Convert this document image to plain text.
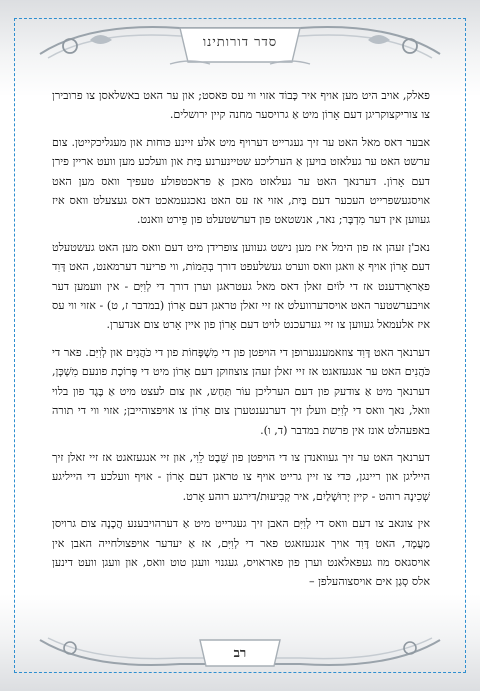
סדר דורותינו

פאלק, אויב היט מען אויף איר כָּבוֹד אזוי ווי עס פאסט; און ער האט באשלאסן צו פרובירן צו צוריקצוקריגן דעם אָרוֹן מיט אַ גרויסער מחנה קיין ירושלים.

אבער דאס מאל האט ער זיך געגרייט דערויף מיט אלע זיינע כּוחות און מעגליכקייטן. צום ערשט האט ער געלאזט בויען אַ הערליכע שטיינערנע בַּיִת און וועלכע מען וועט אריין פירן דעם אָרוֹן. דערנאך האט ער געלאזט מאכן אַ פראכטפולע טעפיך וואס מען האט אויסגעשפרייט העכער דעם בַּיִת, אזוי אז עס האט נאכגעמאכט דאס געצעלט וואס איז געווען אין דער מִדְבָּר; נאר, אנשטאט פון דערשטעלט פון פֵירט וואנט.

נאכ'ן זעהן אז פון הימל איז מען נישט געווען צופרידן מיט דעם וואס מען האט געשטעלט דעם אָרוֹן אויף אַ וואגן וואס ווערט געשלעפט דורך בְּהֵמוֹת, ווי פריער דערמאנט, האט דָּוִד פאַראָרדענט אז די לוֹיִם זאלן דאס מאל געטראגן וערן דורך די לְוִיִּם - אין וועמען דער אויבערשטער האט אויסדערוועלט אז זיי זאלן טראגן דעם אָרוֹן (במדבר ז, ט) - אזוי ווי עס איז אלעמאל געווען צו זיי גערעכנט לויט דעם אָרוֹן פון איין אָרט צום אנדערן.

דערנאך האט דָּוִד צוזאמענגערופן די הויפטן פון די מִשְׁפָּחוֹת פון די כֹּהֲנִים און לְוִיִּם. פאר די כֹּהֲנִים האט ער אנגעזאגט אז זיי זאלן זעהן צוצוזוקן דעם אָרוֹן מיט די פָּרוֹכֶת פונעם מִשְׁכָּן, דערנאך מיט אַ צודעק פון דעם הערליכן עוֹר תַּחַש, און צום לעצט מיט אַ בֶּגֶד פון בלוי וואל, נאך וואס די לְוִיִּם וועלן זיך דערנענטערן צום אָרוֹן צו אויפצוהייבן; אזוי ווי די תורה באפעהלט אונז אין פרשת במדבר (ד, ו).

דערנאך האט ער זיך געוואנדן צו די הויפטן פון שֵׁבֶט לֵוִי, און זיי אנגעזאגט אז זיי זאלן זיך הייליגן און ריינגן, כּדי צו זיין גרייט אויף צו טראגן דעם אָרוֹן - אויף וועלכע די הייליגע שְׁכִינָה רוהט - קיין יְרוּשָׁלַיִם, איר קְבִיעוּת/דירגע רוהע אָרט.

אין צוגאב צו דעם וואס די לְוִיִּם האבן זיך געגרייט מיט אַ דערהויבענע הֲכָנָה צום גרויסן מַעֲמָד, האט דָּוִד אויך אנגעזאגט פאר די לְוִיִּם, אז אַ יעדער אויפצולחייה האבן אין אויסגאס מוז געפאלאנט וערן פון פאראויס, געגנוי וועגן טוט וואס, און וועגן וועט דינען אלס סְגַן אים אויסצוהעלפן –

רב
